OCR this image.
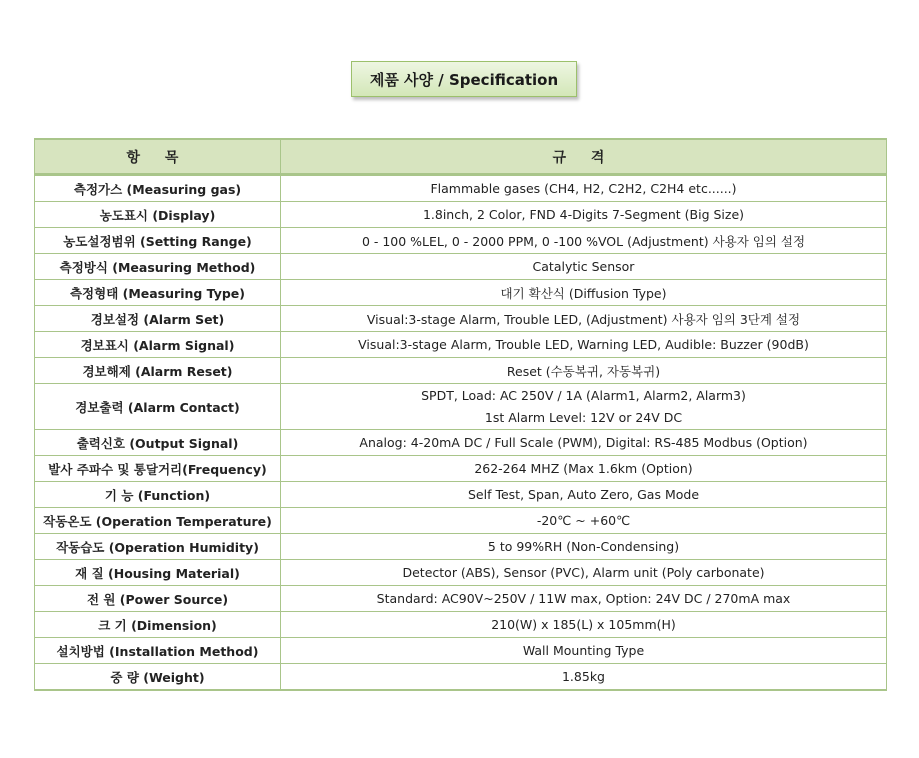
제품 사양 / Specification
항 목	규 격
측정가스 (Measuring gas)	Flammable gases (CH4, H2, C2H2, C2H4 etc......)

농도표시 (Display)	1.8inch, 2 Color, FND 4-Digits 7-Segment (Big Size)

농도설정범위 (Setting Range)	0 - 100 %LEL, 0 - 2000 PPM, 0 -100 %VOL (Adjustment) 사용자 임의 설정

측정방식 (Measuring Method)	Catalytic Sensor

측정형태 (Measuring Type)	대기 확산식 (Diffusion Type)

경보설정 (Alarm Set)	Visual:3-stage Alarm, Trouble LED, (Adjustment) 사용자 임의 3단계 설정

경보표시 (Alarm Signal)	Visual:3-stage Alarm, Trouble LED, Warning LED, Audible: Buzzer (90dB)

경보해제 (Alarm Reset)	Reset (수동복귀, 자동복귀)

경보출력 (Alarm Contact)	SPDT, Load: AC 250V / 1A (Alarm1, Alarm2, Alarm3)
1st Alarm Level: 12V or 24V DC

출력신호 (Output Signal)	Analog: 4-20mA DC / Full Scale (PWM), Digital: RS-485 Modbus (Option)

발사 주파수 및 통달거리(Frequency)	262-264 MHZ (Max 1.6km (Option)

기 능 (Function)	Self Test, Span, Auto Zero, Gas Mode

작동온도 (Operation Temperature)	-20℃ ~ +60℃

작동습도 (Operation Humidity)	5 to 99%RH (Non-Condensing)

재 질 (Housing Material)	Detector (ABS), Sensor (PVC), Alarm unit (Poly carbonate)

전 원 (Power Source)	Standard: AC90V~250V / 11W max, Option: 24V DC / 270mA max

크 기 (Dimension)	210(W) x 185(L) x 105mm(H)

설치방법 (Installation Method)	Wall Mounting Type

중 량 (Weight)	1.85kg
